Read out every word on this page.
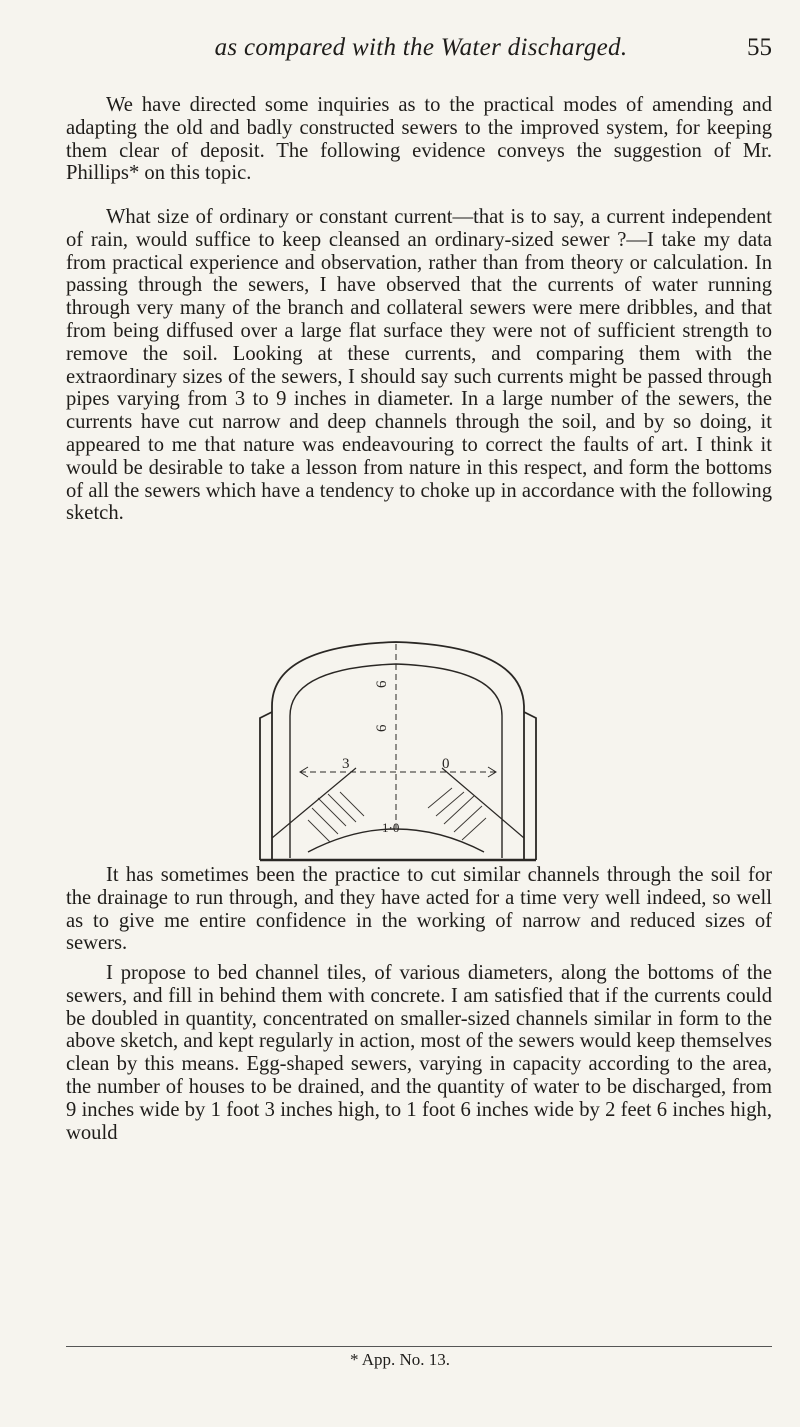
as compared with the Water discharged.	55

We have directed some inquiries as to the practical modes of amending and adapting the old and badly constructed sewers to the improved system, for keeping them clear of deposit. The following evidence conveys the suggestion of Mr. Phillips* on this topic.

What size of ordinary or constant current—that is to say, a current independent of rain, would suffice to keep cleansed an ordinary-sized sewer ?—I take my data from practical experience and observation, rather than from theory or calculation. In passing through the sewers, I have observed that the currents of water running through very many of the branch and collateral sewers were mere dribbles, and that from being diffused over a large flat surface they were not of sufficient strength to remove the soil. Looking at these currents, and comparing them with the extraordinary sizes of the sewers, I should say such currents might be passed through pipes varying from 3 to 9 inches in diameter. In a large number of the sewers, the currents have cut narrow and deep channels through the soil, and by so doing, it appeared to me that nature was endeavouring to correct the faults of art. I think it would be desirable to take a lesson from nature in this respect, and form the bottoms of all the sewers which have a tendency to choke up in accordance with the following sketch.

6
6
3	0
1·0

It has sometimes been the practice to cut similar channels through the soil for the drainage to run through, and they have acted for a time very well indeed, so well as to give me entire confidence in the working of narrow and reduced sizes of sewers.

I propose to bed channel tiles, of various diameters, along the bottoms of the sewers, and fill in behind them with concrete. I am satisfied that if the currents could be doubled in quantity, concentrated on smaller-sized channels similar in form to the above sketch, and kept regularly in action, most of the sewers would keep themselves clean by this means. Egg-shaped sewers, varying in capacity according to the area, the number of houses to be drained, and the quantity of water to be discharged, from 9 inches wide by 1 foot 3 inches high, to 1 foot 6 inches wide by 2 feet 6 inches high, would

* App. No. 13.
